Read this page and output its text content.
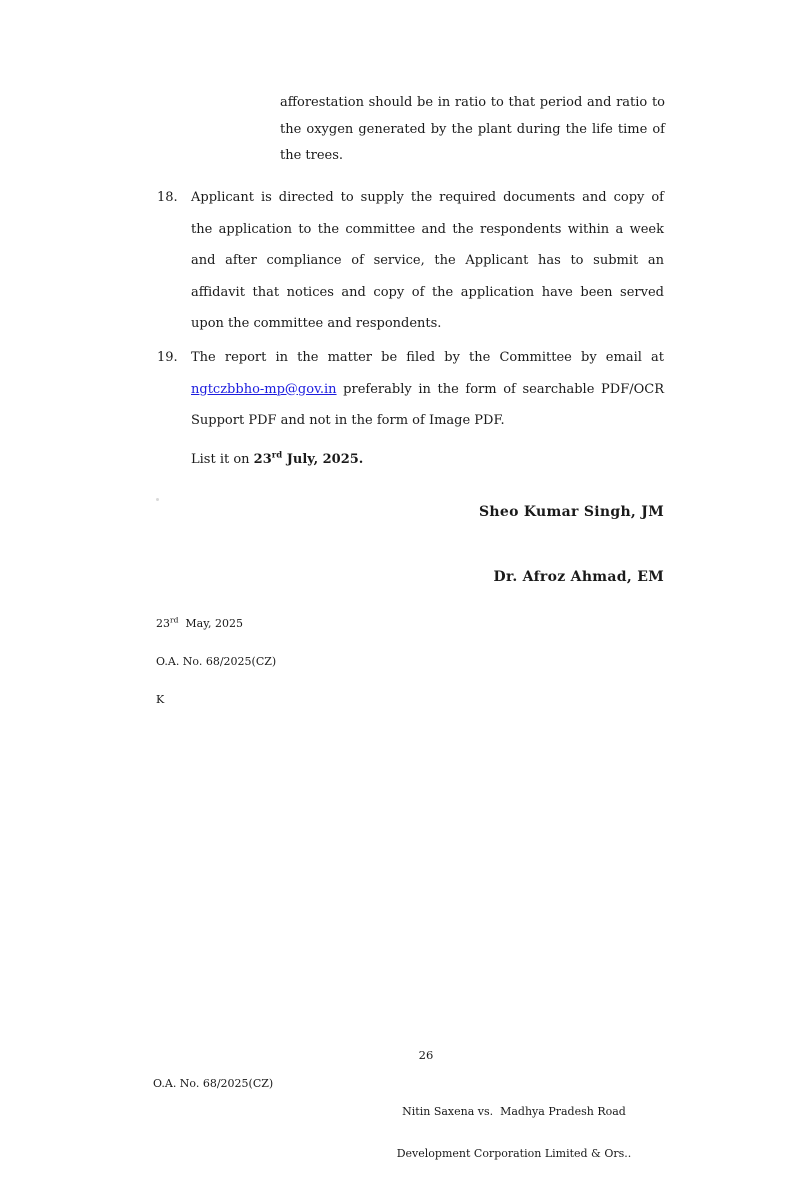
afforestation should be in ratio to that period and ratio to
the oxygen generated by the plant during the life time of
the trees.
18.	Applicant is directed to supply the required documents and copy of
the application to the committee and the respondents within a week
and after compliance of service, the Applicant has to submit an
affidavit that notices and copy of the application have been served
upon the committee and respondents.
19.	The report in the matter be filed by the Committee by email at
ngtczbbho-mp@gov.in preferably in the form of searchable PDF/OCR
Support PDF and not in the form of Image PDF.
List it on 23rd July, 2025.
Sheo Kumar Singh, JM
Dr. Afroz Ahmad, EM

23rd  May, 2025

O.A. No. 68/2025(CZ)

K

26
O.A. No. 68/2025(CZ)

Nitin Saxena vs.  Madhya Pradesh Road

Development Corporation Limited & Ors..
